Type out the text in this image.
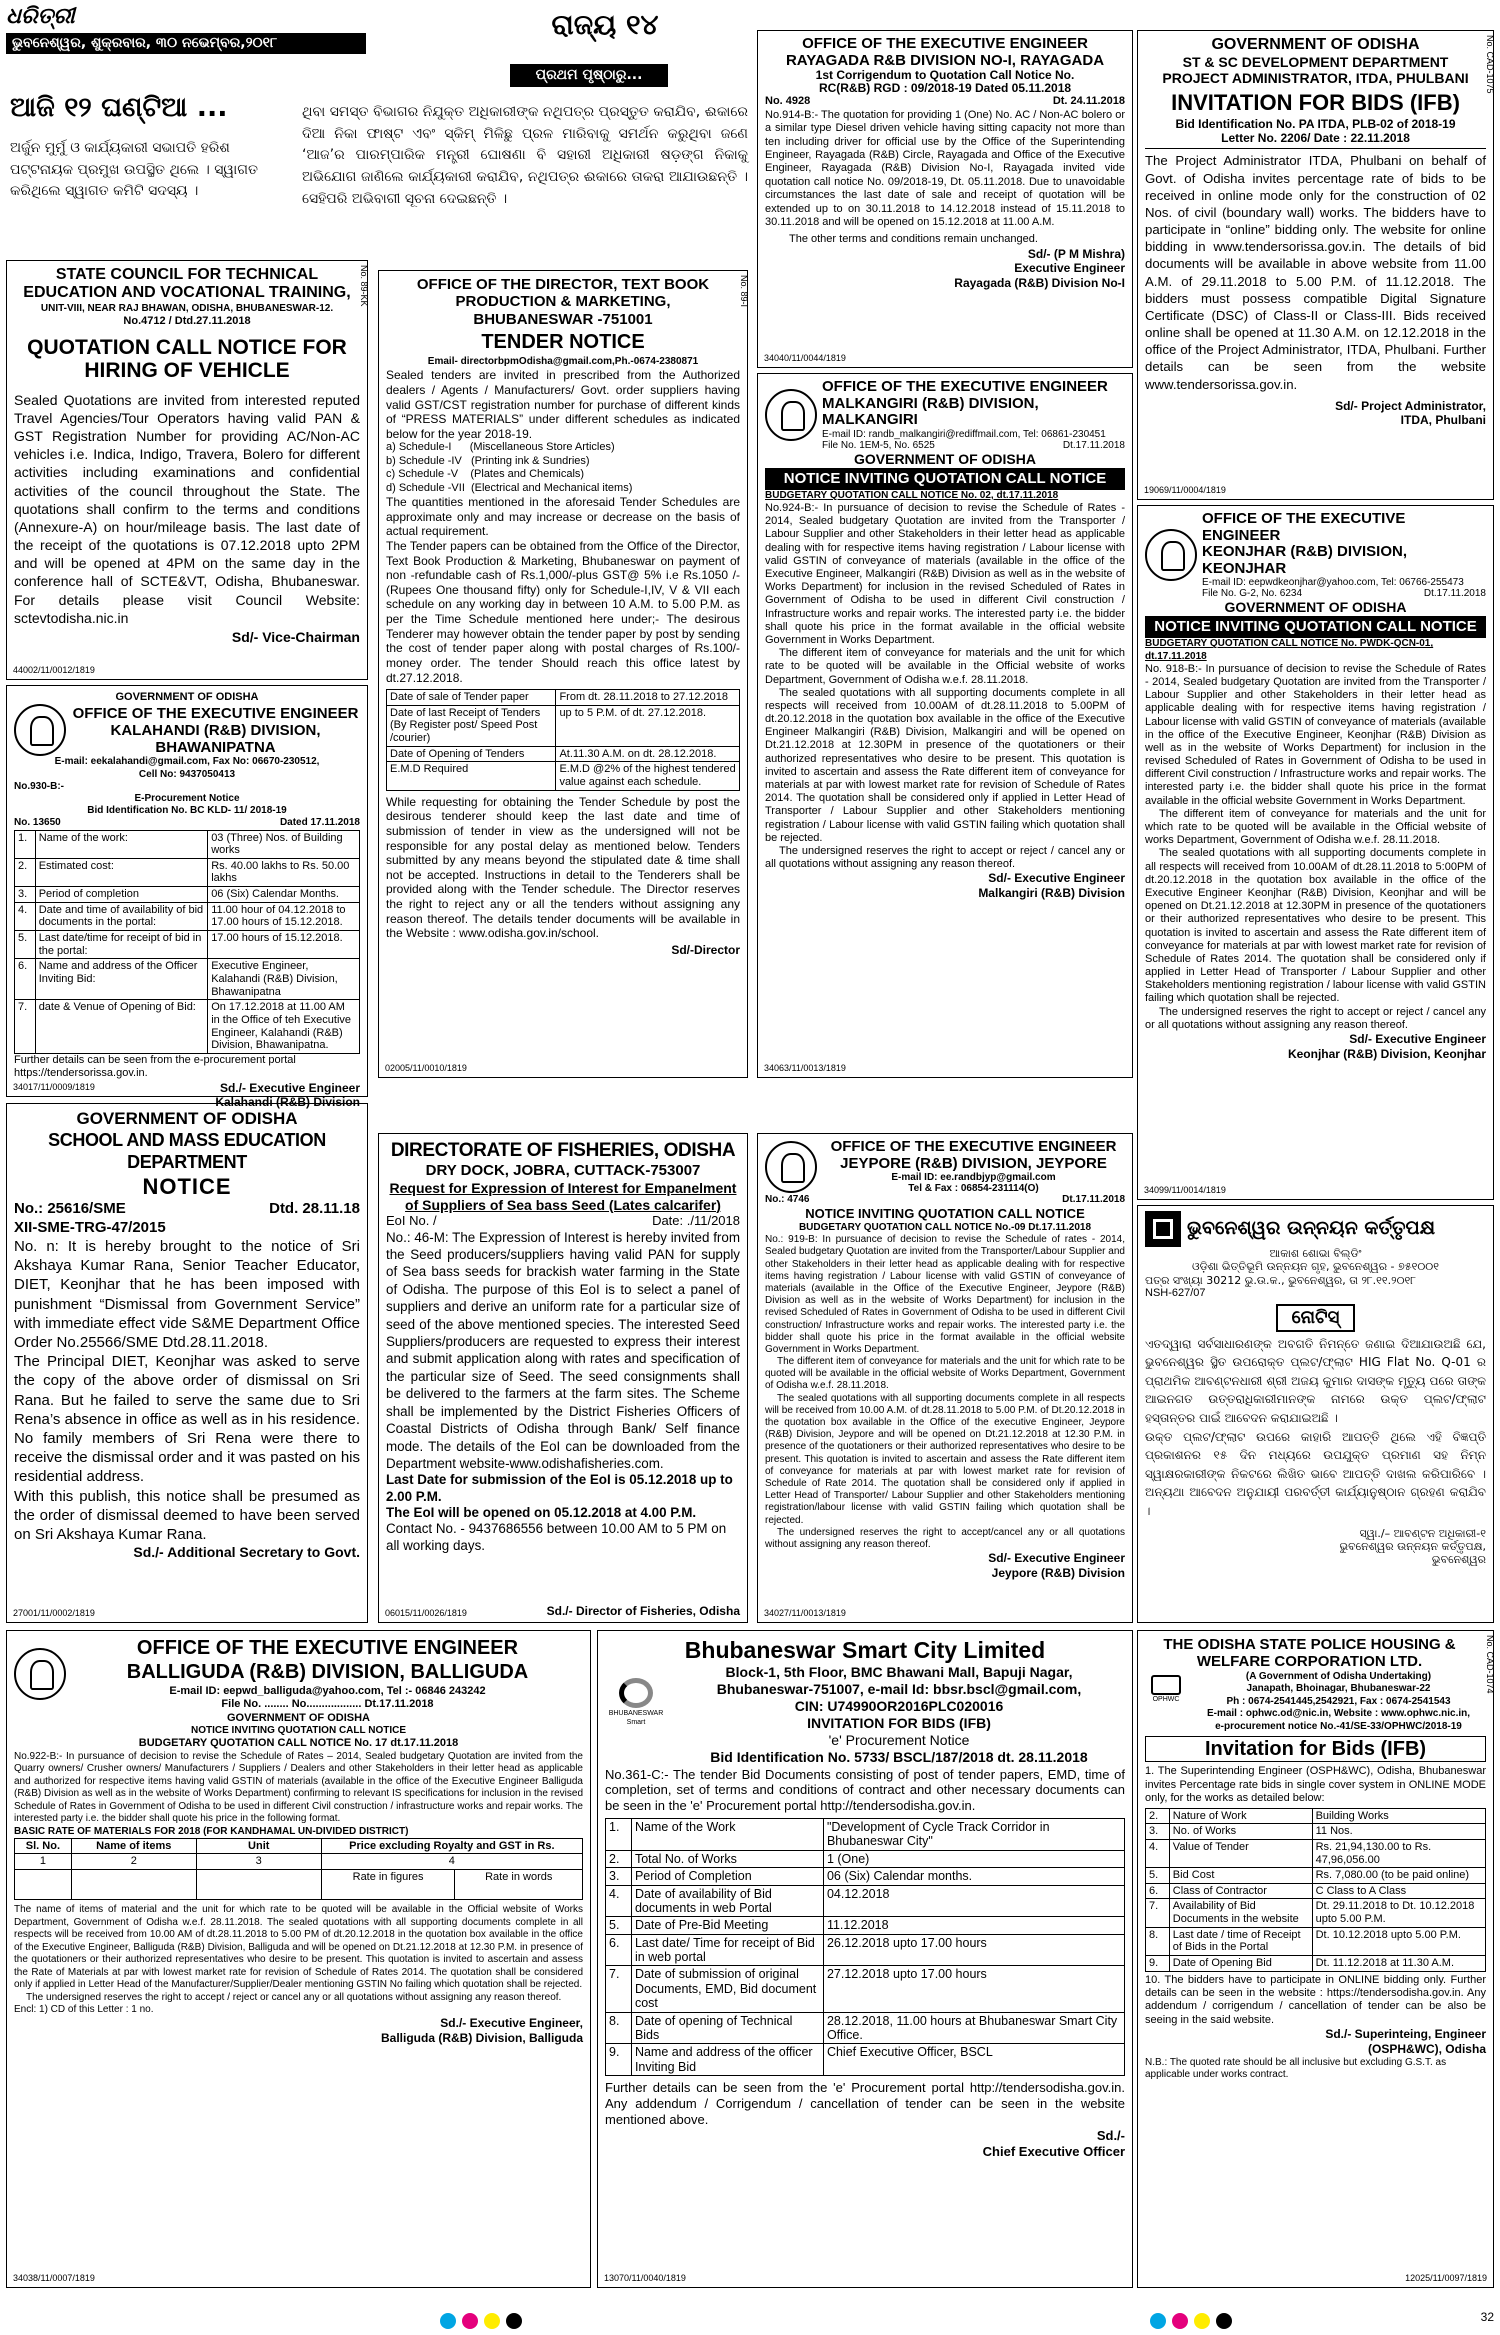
ଧରିତ୍ରୀ
ଭୁବନେଶ୍ୱର, ଶୁକ୍ରବାର, ୩୦ ନଭେମ୍ବର,୨୦୧୮
ରାଜ୍ୟ ୧୪
ଆଜି ୧୨ ଘଣ୍ଟିଆ ...
ଅର୍ଜୁନ ମୁର୍ମୁ ଓ କାର୍ଯ୍ୟକାରୀ ସଭାପତି ହରିଶ ପଟ୍ଟନାୟକ ପ୍ରମୁଖ ଉପସ୍ଥିତ ଥିଲେ । ସ୍ୱାଗତ କରିଥିଲେ ସ୍ୱାଗତ କମିଟି ସଦସ୍ୟ ।
ପ୍ରଥମ ପୃଷ୍ଠାରୁ...
ଥିବା ସମସ୍ତ ବିଭାଗର ନିଯୁକ୍ତ ଅଧିକାରୀଙ୍କ ନଥିପତ୍ର ପ୍ରସ୍ତୁତ କରାଯିବ, ଈକାରେ ଦିଆ ନିକା ଫାଷ୍ଟ ଏବଂ ସ୍କିମ୍ ମିଳିଛୁ ପ୍ରଳ ମାରିବାକୁ ସମର୍ଥନ କରୁଥିବା ଜଣେ ‘ଆଜ’ର ପାରମ୍ପାରିକ ମନ୍ତ୍ରୀ ଘୋଷଣା ବି ସହାରୀ ଅଧିକାରୀ ଷଡ଼ଙ୍ଗ ନିକାକୁ ଅଭିଯୋଗ ଜାଣିଲେ କାର୍ଯ୍ୟକାରୀ କରାଯିବ, ନଥିପତ୍ର ଈକାରେ ତାକରା ଆଯାଉଛନ୍ତି । ସେହିପରି ଅଭିବାଗୀ ସୂଚନା ଦେଇଛନ୍ତି ।
OFFICE OF THE EXECUTIVE ENGINEER
RAYAGADA R&B DIVISION NO-I, RAYAGADA
1st Corrigendum to Quotation Call Notice No.
RC(R&B) RGD : 09/2018-19 Dated 05.11.2018
No. 4928	Dt. 24.11.2018
No.914-B:- The quotation for providing 1 (One) No. AC / Non-AC bolero or a similar type Diesel driven vehicle having sitting capacity not more than ten including driver for official use by the Office of the Superintending Engineer, Rayagada (R&B) Circle, Rayagada and Office of the Executive Engineer, Rayagada (R&B) Division No-I, Rayagada invited vide quotation call notice No. 09/2018-19, Dt. 05.11.2018. Due to unavoidable circumstances the last date of sale and receipt of quotation will be extended up to on 30.11.2018 to 14.12.2018 instead of 15.11.2018 to 30.11.2018 and will be opened on 15.12.2018 at 11.00 A.M.
The other terms and conditions remain unchanged.
Sd/- (P M Mishra)
Executive Engineer
Rayagada (R&B) Division No-I
34040/11/0044/1819
No. CAD-1075
GOVERNMENT OF ODISHA
ST & SC DEVELOPMENT DEPARTMENT
PROJECT ADMINISTRATOR, ITDA, PHULBANI
INVITATION FOR BIDS (IFB)
Bid Identification No. PA ITDA, PLB-02 of 2018-19
Letter No. 2206/ Date : 22.11.2018
The Project Administrator ITDA, Phulbani on behalf of Govt. of Odisha invites percentage rate of bids to be received in online mode only for the construction of 02 Nos. of civil (boundary wall) works. The bidders have to participate in “online” bidding only. The website for online bidding in www.tendersorissa.gov.in. The details of bid documents will be available in above website from 11.00 A.M. of 29.11.2018 to 5.00 P.M. of 11.12.2018. The bidders must possess compatible Digital Signature Certificate (DSC) of Class-II or Class-III. Bids received online shall be opened at 11.30 A.M. on 12.12.2018 in the office of the Project Administrator, ITDA, Phulbani. Further details can be seen from the website www.tendersorissa.gov.in.
Sd/- Project Administrator,
ITDA, Phulbani
19069/11/0004/1819
No. 89-KK
STATE COUNCIL FOR TECHNICAL EDUCATION AND VOCATIONAL TRAINING,
UNIT-VIII, NEAR RAJ BHAWAN, ODISHA, BHUBANESWAR-12.
No.4712 / Dtd.27.11.2018
QUOTATION CALL NOTICE FOR HIRING OF VEHICLE
Sealed Quotations are invited from interested reputed Travel Agencies/Tour Operators having valid PAN & GST Registration Number for providing AC/Non-AC vehicles i.e. Indica, Indigo, Travera, Bolero for different activities including examinations and confidential activities of the council throughout the State. The quotations shall confirm to the terms and conditions (Annexure-A) on hour/mileage basis. The last date of the receipt of the quotations is 07.12.2018 upto 2PM and will be opened at 4PM on the same day in the conference hall of SCTE&VT, Odisha, Bhubaneswar. For details please visit Council Website: sctevtodisha.nic.in
Sd/- Vice-Chairman
44002/11/0012/1819
No. 89-I
OFFICE OF THE DIRECTOR, TEXT BOOK PRODUCTION & MARKETING, BHUBANESWAR -751001
TENDER NOTICE
Email- directorbpmOdisha@gmail.com,Ph.-0674-2380871
Sealed tenders are invited in prescribed from the Authorized dealers / Agents / Manufacturers/ Govt. order suppliers having valid GST/CST registration number for purchase of different kinds of “PRESS MATERIALS” under different schedules as indicated below for the year 2018-19.
a) Schedule-I      (Miscellaneous Store Articles)
b) Schedule -IV   (Printing ink & Sundries)
c) Schedule -V    (Plates and Chemicals)
d) Schedule -VII  (Electrical and Mechanical items)
The quantities mentioned in the aforesaid Tender Schedules are approximate only and may increase or decrease on the basis of actual requirement.
The Tender papers can be obtained from the Office of the Director, Text Book Production & Marketing, Bhubaneswar on payment of non -refundable cash of Rs.1,000/-plus GST@ 5% i.e Rs.1050 /- (Rupees One thousand fifty) only for Schedule-I,IV, V & VII each schedule on any working day in between 10 A.M. to 5.00 P.M. as per the Time Schedule mentioned here under;- The desirous Tenderer may however obtain the tender paper by post by sending the cost of tender paper along with postal charges of Rs.100/- money order. The tender Should reach this office latest by dt.27.12.2018.
Date of sale of Tender paper	From dt. 28.11.2018 to 27.12.2018
Date of last Receipt of Tenders (By Register post/ Speed Post /courier)	up to 5 P.M. of dt. 27.12.2018.
Date of Opening of Tenders	At.11.30 A.M. on dt. 28.12.2018.
E.M.D Required	E.M.D @2% of the highest tendered value against each schedule.
While requesting for obtaining the Tender Schedule by post the desirous tenderer should keep the last date and time of submission of tender in view as the undersigned will not be responsible for any postal delay as mentioned below. Tenders submitted by any means beyond the stipulated date & time shall not be accepted. Instructions in detail to the Tenderers shall be provided along with the Tender schedule. The Director reserves the right to reject any or all the tenders without assigning any reason thereof. The details tender documents will be available in the Website : www.odisha.gov.in/school.
Sd/-Director
02005/11/0010/1819
OFFICE OF THE EXECUTIVE ENGINEER
MALKANGIRI (R&B) DIVISION, MALKANGIRI
E-mail ID: randb_malkangiri@rediffmail.com, Tel: 06861-230451
File No. 1EM-5, No. 6525	Dt.17.11.2018
GOVERNMENT OF ODISHA
NOTICE INVITING QUOTATION CALL NOTICE
BUDGETARY QUOTATION CALL NOTICE No. 02, dt.17.11.2018
No.924-B:- In pursuance of decision to revise the Schedule of Rates - 2014, Sealed budgetary Quotation are invited from the Transporter / Labour Supplier and other Stakeholders in their letter head as applicable dealing with for respective items having registration / Labour license with valid GSTIN of conveyance of materials (available in the office of the Executive Engineer, Malkangiri (R&B) Division as well as in the website of Works Department) for inclusion in the revised Scheduled of Rates in Government of Odisha to be used in different Civil construction / Infrastructure works and repair works. The interested party i.e. the bidder shall quote his price in the format available in the official website Government in Works Department.
The different item of conveyance for materials and the unit for which rate to be quoted will be available in the Official website of works Department, Government of Odisha w.e.f. 28.11.2018.
The sealed quotations with all supporting documents complete in all respects will received from 10.00AM of dt.28.11.2018 to 5.00PM of dt.20.12.2018 in the quotation box available in the office of the Executive Engineer Malkangiri (R&B) Division, Malkangiri and will be opened on Dt.21.12.2018 at 12.30PM in presence of the quotationers or their authorized representatives who desire to be present. This quotation is invited to ascertain and assess the Rate different item of conveyance for materials at par with lowest market rate for revision of Schedule of Rates 2014. The quotation shall be considered only if applied in Letter Head of Transporter / Labour Supplier and other Stakeholders mentioning registration / Labour license with valid GSTIN failing which quotation shall be rejected.
The undersigned reserves the right to accept or reject / cancel any or all quotations without assigning any reason thereof.
Sd/- Executive Engineer
Malkangiri (R&B) Division
34063/11/0013/1819
OFFICE OF THE EXECUTIVE ENGINEER
KEONJHAR (R&B) DIVISION, KEONJHAR
E-mail ID: eepwdkeonjhar@yahoo.com, Tel: 06766-255473
File No. G-2, No. 6234	Dt.17.11.2018
GOVERNMENT OF ODISHA
NOTICE INVITING QUOTATION CALL NOTICE
BUDGETARY QUOTATION CALL NOTICE No. PWDK-QCN-01, dt.17.11.2018
No. 918-B:- In pursuance of decision to revise the Schedule of Rates - 2014, Sealed budgetary Quotation are invited from the Transporter / Labour Supplier and other Stakeholders in their letter head as applicable dealing with for respective items having registration / Labour license with valid GSTIN of conveyance of materials (available in the office of the Executive Engineer, Keonjhar (R&B) Division as well as in the website of Works Department) for inclusion in the revised Scheduled of Rates in Government of Odisha to be used in different Civil construction / Infrastructure works and repair works. The interested party i.e. the bidder shall quote his price in the format available in the official website Government in Works Department.
The different item of conveyance for materials and the unit for which rate to be quoted will be available in the Official website of works Department, Government of Odisha w.e.f. 28.11.2018.
The sealed quotations with all supporting documents complete in all respects will received from 10.00AM of dt.28.11.2018 to 5:00PM of dt.20.12.2018 in the quotation box available in the office of the Executive Engineer Keonjhar (R&B) Division, Keonjhar and will be opened on Dt.21.12.2018 at 12.30PM in presence of the quotationers or their authorized representatives who desire to be present. This quotation is invited to ascertain and assess the Rate different item of conveyance for materials at par with lowest market rate for revision of Schedule of Rates 2014. The quotation shall be considered only if applied in Letter Head of Transporter / Labour Supplier and other Stakeholders mentioning registration / labour license with valid GSTIN failing which quotation shall be rejected.
The undersigned reserves the right to accept or reject / cancel any or all quotations without assigning any reason thereof.
Sd/- Executive Engineer
Keonjhar (R&B) Division, Keonjhar
34099/11/0014/1819
GOVERNMENT OF ODISHA
OFFICE OF THE EXECUTIVE ENGINEER KALAHANDI (R&B) DIVISION, BHAWANIPATNA
E-mail: eekalahandi@gmail.com, Fax No: 06670-230512,
Cell No: 9437050413
No.930-B:-
E-Procurement Notice
Bid Identification No. BC KLD- 11/ 2018-19
No. 13650	Dated 17.11.2018
1.	Name of the work:	03 (Three) Nos. of Building works
2.	Estimated cost:	Rs. 40.00 lakhs to Rs. 50.00 lakhs
3.	Period of completion	06 (Six) Calendar Months.
4.	Date and time of availability of bid documents in the portal:	11.00 hour of 04.12.2018 to 17.00 hours of 15.12.2018.
5.	Last date/time for receipt of bid in the portal:	17.00 hours of 15.12.2018.
6.	Name and address of the Officer Inviting Bid:	Executive Engineer, Kalahandi (R&B) Division, Bhawanipatna
7.	date & Venue of Opening of Bid:	On 17.12.2018 at 11.00 AM in the Office of teh Executive Engineer, Kalahandi (R&B) Division, Bhawanipatna.
Further details can be seen from the e-procurement portal https://tendersorissa.gov.in.
Sd./- Executive Engineer
Kalahandi (R&B) Division
34017/11/0009/1819
GOVERNMENT OF ODISHA
SCHOOL AND MASS EDUCATION DEPARTMENT
NOTICE
No.: 25616/SME	Dtd. 28.11.18
XII-SME-TRG-47/2015
No. n: It is hereby brought to the notice of Sri Akshaya Kumar Rana, Senior Teacher Educator, DIET, Keonjhar that he has been imposed with punishment “Dismissal from Government Service” with immediate effect vide S&ME Department Office Order No.25566/SME Dtd.28.11.2018.
The Principal DIET, Keonjhar was asked to serve the copy of the above order of dismissal on Sri Rana. But he failed to serve the same due to Sri Rena’s absence in office as well as in his residence. No family members of Sri Rena were there to receive the dismissal order and it was pasted on his residential address.
With this publish, this notice shall be presumed as the order of dismissal deemed to have been served on Sri Akshaya Kumar Rana.
Sd./- Additional Secretary to Govt.
27001/11/0002/1819
DIRECTORATE OF FISHERIES, ODISHA
DRY DOCK, JOBRA, CUTTACK-753007
Request for Expression of Interest for Empanelment of Suppliers of Sea bass Seed (Lates calcarifer)
EoI No. /	Date: ./11/2018
No.: 46-M: The Expression of Interest is hereby invited from the Seed producers/suppliers having valid PAN for supply of Sea bass seeds for brackish water farming in the State of Odisha. The purpose of this EoI is to select a panel of suppliers and derive an uniform rate for a particular size of seed of the above mentioned species. The interested Seed Suppliers/producers are requested to express their interest and submit application along with rates and specification of the particular size of Seed. The seed consignments shall be delivered to the farmers at the farm sites. The Scheme shall be implemented by the District Fisheries Officers of Coastal Districts of Odisha through Bank/ Self finance mode. The details of the EoI can be downloaded from the Department website-www.odishafisheries.com.
Last Date for submission of the EoI is 05.12.2018 up to 2.00 P.M.
The EoI will be opened on 05.12.2018 at 4.00 P.M.
Contact No. - 9437686556 between 10.00 AM to 5 PM on all working days.
Sd./- Director of Fisheries, Odisha
06015/11/0026/1819
OFFICE OF THE EXECUTIVE ENGINEER
JEYPORE (R&B) DIVISION, JEYPORE
E-mail ID: ee.randbjyp@gmail.com
Tel & Fax : 06854-231114(O)
No.: 4746	Dt.17.11.2018
NOTICE INVITING QUOTATION CALL NOTICE
BUDGETARY QUOTATION CALL NOTICE No.-09 Dt.17.11.2018
No.: 919-B: In pursuance of decision to revise the Schedule of rates - 2014, Sealed budgetary Quotation are invited from the Transporter/Labour Supplier and other Stakeholders in their letter head as applicable dealing with for respective items having registration / Labour license with valid GSTIN of conveyance of materials (available in the Office of the Executive Engineer, Jeypore (R&B) Division as well as in the website of Works Department) for inclusion in the revised Scheduled of Rates in Government of Odisha to be used in different Civil construction/ Infrastructure works and repair works. The interested party i.e. the bidder shall quote his price in the format available in the official website Government in Works Department.
The different item of conveyance for materials and the unit for which rate to be quoted will be available in the official website of Works Department, Government of Odisha w.e.f. 28.11.2018.
The sealed quotations with all supporting documents complete in all respects will be received from 10.00 A.M. of dt.28.11.2018 to 5.00 P.M. of Dt.20.12.2018 in the quotation box available in the Office of the executive Engineer, Jeypore (R&B) Division, Jeypore and will be opened on Dt.21.12.2018 at 12.30 P.M. in presence of the quotationers or their authorized representatives who desire to be present. This quotation is invited to ascertain and assess the Rate different item of conveyance for materials at par with lowest market rate for revision of Schedule of Rate 2014. The quotation shall be considered only if applied in Letter Head of Transporter/ Labour Supplier and other Stakeholders mentioning registration/labour license with valid GSTIN failing which quotation shall be rejected.
The undersigned reserves the right to accept/cancel any or all quotations without assigning any reason thereof.
Sd/- Executive Engineer
Jeypore (R&B) Division
34027/11/0013/1819
ଭୁବନେଶ୍ୱର ଉନ୍ନୟନ କର୍ତ୍ତୃପକ୍ଷ
ଆକାଶ ଶୋଭା ବିଲ୍ଡିଂ
ଓଡ଼ିଶା ଭିତ୍ତିଭୂମି ଉନ୍ନୟନ ଗୃହ, ଭୁବନେଶ୍ୱର - ୭୫୧୦୦୧
ପତ୍ର ସଂଖ୍ୟା 30212 ଭୁ.ଉ.କ., ଭୁବନେଶ୍ୱର, ତା ୨୮.୧୧.୨୦୧୮
NSH-627/07
ନୋଟିସ୍
ଏତଦ୍ୱାରା ସର୍ବସାଧାରଣଙ୍କ ଅବଗତି ନିମନ୍ତେ ଜଣାଇ ଦିଆଯାଉଅଛି ଯେ, ଭୁବନେଶ୍ୱର ସ୍ଥିତ ଉପରୋକ୍ତ ପ୍ଲଟ/ଫ୍ଲାଟ HIG Flat No. Q-01 ର ପ୍ରାଥମିକ ଆବଣ୍ଟନଧାରୀ ଶ୍ରୀ ଅଜୟ କୁମାର ଦାସଙ୍କ ମୃତ୍ୟୁ ପରେ ତାଙ୍କ ଆଇନଗତ ଉତ୍ତରାଧିକାରୀମାନଙ୍କ ନାମରେ ଉକ୍ତ ପ୍ଲଟ/ଫ୍ଲାଟ ହସ୍ତାନ୍ତର ପାଇଁ ଆବେଦନ କରାଯାଇଅଛି ।
ଉକ୍ତ ପ୍ଲଟ/ଫ୍ଲାଟ ଉପରେ କାହାରି ଆପତ୍ତି ଥିଲେ ଏହି ବିଜ୍ଞପ୍ତି ପ୍ରକାଶନର ୧୫ ଦିନ ମଧ୍ୟରେ ଉପଯୁକ୍ତ ପ୍ରମାଣ ସହ ନିମ୍ନ ସ୍ୱାକ୍ଷରକାରୀଙ୍କ ନିକଟରେ ଲିଖିତ ଭାବେ ଆପତ୍ତି ଦାଖଲ କରିପାରିବେ । ଅନ୍ୟଥା ଆବେଦନ ଅନୁଯାୟୀ ପରବର୍ତ୍ତୀ କାର୍ଯ୍ୟାନୁଷ୍ଠାନ ଗ୍ରହଣ କରାଯିବ ।
ସ୍ୱା./– ଆବଣ୍ଟନ ଅଧିକାରୀ-୧
ଭୁବନେଶ୍ୱର ଉନ୍ନୟନ କର୍ତ୍ତୃପକ୍ଷ,
ଭୁବନେଶ୍ୱର
OFFICE OF THE EXECUTIVE ENGINEER
BALLIGUDA (R&B) DIVISION, BALLIGUDA
E-mail ID: eepwd_balliguda@yahoo.com, Tel :- 06846 243242
File No. ........ No.................. Dt.17.11.2018
GOVERNMENT OF ODISHA
NOTICE INVITING QUOTATION CALL NOTICE
BUDGETARY QUOTATION CALL NOTICE No. 17 dt.17.11.2018
No.922-B:- In pursuance of decision to revise the Schedule of Rates – 2014, Sealed budgetary Quotation are invited from the Quarry owners/ Crusher owners/ Manufacturers / Suppliers / Dealers and other Stakeholders in their letter head as applicable and authorized for respective items having valid GSTIN of materials (available in the office of the Executive Engineer Balliguda (R&B) Division as well as in the website of Works Department) confirming to relevant IS specifications for inclusion in the revised Schedule of Rates in Government of Odisha to be used in different Civil construction / infrastructure works and repair works. The interested party i.e. the bidder shall quote his price in the following format.
BASIC RATE OF MATERIALS FOR 2018 (FOR KANDHAMAL UN-DIVIDED DISTRICT)
Sl. No.	Name of items	Unit	Price excluding Royalty and GST in Rs.	
1	2	3	4	
			Rate in figures	Rate in words
The name of items of material and the unit for which rate to be quoted will be available in the Official website of Works Department, Government of Odisha w.e.f. 28.11.2018. The sealed quotations with all supporting documents complete in all respects will be received from 10.00 AM of dt.28.11.2018 to 5.00 PM of dt.20.12.2018 in the quotation box available in the office of the Executive Engineer, Balliguda (R&B) Division, Balliguda and will be opened on Dt.21.12.2018 at 12.30 P.M. in presence of the quotationers or their authorized representatives who desire to be present. This quotation is invited to ascertain and assess the Rate of Materials at par with lowest market rate for revision of Schedule of Rates 2014. The quotation shall be considered only if applied in Letter Head of the Manufacturer/Supplier/Dealer mentioning GSTIN No failing which quotation shall be rejected.
The undersigned reserves the right to accept / reject or cancel any or all quotations without assigning any reason thereof.
Encl: 1) CD of this Letter : 1 no.
Sd./- Executive Engineer,
Balliguda (R&B) Division, Balliguda
34038/11/0007/1819
Bhubaneswar Smart City Limited
BHUBANESWAR Smart
Block-1, 5th Floor, BMC Bhawani Mall, Bapuji Nagar,
Bhubaneswar-751007, e-mail Id: bbsr.bscl@gmail.com,
CIN: U74990OR2016PLC020016
INVITATION FOR BIDS (IFB)
'e' Procurement Notice
Bid Identification No. 5733/ BSCL/187/2018 dt. 28.11.2018
No.361-C:- The tender Bid Documents consisting of post of tender papers, EMD, time of completion, set of terms and conditions of contract and other necessary documents can be seen in the 'e' Procurement portal http://tendersodisha.gov.in.
1.	Name of the Work	"Development of Cycle Track Corridor in Bhubaneswar City"
2.	Total No. of Works	1 (One)
3.	Period of Completion	06 (Six) Calendar months.
4.	Date of availability of Bid documents in web Portal	04.12.2018
5.	Date of Pre-Bid Meeting	11.12.2018
6.	Last date/ Time for receipt of Bid in web portal	26.12.2018 upto 17.00 hours
7.	Date of submission of original Documents, EMD, Bid document cost	27.12.2018 upto 17.00 hours
8.	Date of opening of Technical Bids	28.12.2018, 11.00 hours at Bhubaneswar Smart City Office.
9.	Name and address of the officer Inviting Bid	Chief Executive Officer, BSCL
Further details can be seen from the 'e' Procurement portal http://tendersodisha.gov.in. Any addendum / Corrigendum / cancellation of tender can be seen in the website mentioned above.
Sd./-
Chief Executive Officer
13070/11/0040/1819
No. CAD-1074
THE ODISHA STATE POLICE HOUSING & WELFARE CORPORATION LTD.
OPHWC
(A Government of Odisha Undertaking)
Janapath, Bhoinagar, Bhubaneswar-22
Ph : 0674-2541445,2542921, Fax : 0674-2541543
E-mail : ophwc.od@nic.in, Website : www.ophwc.nic.in,
e-procurement notice No.-41/SE-33/OPHWC/2018-19
Invitation for Bids (IFB)
1. The Superintending Engineer (OSPH&WC), Odisha, Bhubaneswar invites Percentage rate bids in single cover system in ONLINE MODE only, for the works as detailed below:
2.	Nature of Work	Building Works
3.	No. of Works	11 Nos.
4.	Value of Tender	Rs. 21,94,130.00 to Rs. 47,96,056.00
5.	Bid Cost	Rs. 7,080.00 (to be paid online)
6.	Class of Contractor	C Class to A Class
7.	Availability of Bid Documents in the website	Dt. 29.11.2018 to Dt. 10.12.2018 upto 5.00 P.M.
8.	Last date / time of Receipt of Bids in the Portal	Dt. 10.12.2018 upto 5.00 P.M.
9.	Date of Opening Bid	Dt. 11.12.2018 at 11.30 A.M.
10. The bidders have to participate in ONLINE bidding only. Further details can be seen in the website : https://tendersodisha.gov.in. Any addendum / corrigendum / cancellation of tender can be also be seeing in the said website.
Sd./- Superinteing, Engineer
(OSPH&WC), Odisha
N.B.: The quoted rate should be all inclusive but excluding G.S.T. as applicable under works contract.
12025/11/0097/1819
32
